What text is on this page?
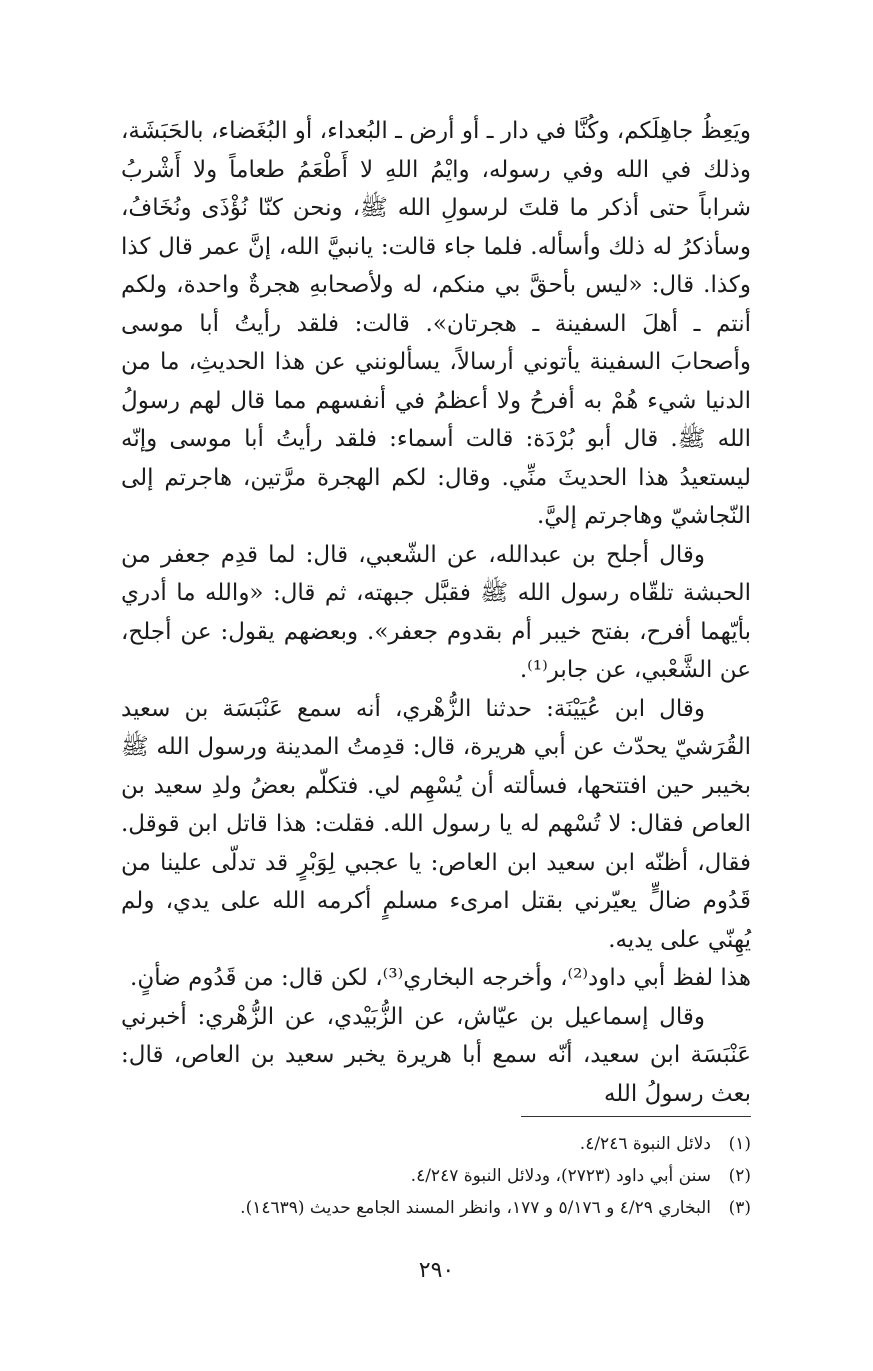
ويَعِظُ جاهِلَكم، وكُنَّا في دار ـ أو أرض ـ البُعداء، أو البُغَضاء، بالحَبَشَة، وذلك في الله وفي رسوله، وايْمُ اللهِ لا أَطْعَمُ طعاماً ولا أَشْربُ شراباً حتى أذكر ما قلتَ لرسولِ الله ﷺ، ونحن كنّا نُؤْذَى ونُخَافُ، وسأذكرُ له ذلك وأسأله. فلما جاء قالت: يانبيَّ الله، إنَّ عمر قال كذا وكذا. قال: «ليس بأحقَّ بي منكم، له ولأصحابهِ هجرةٌ واحدة، ولكم أنتم ـ أهلَ السفينة ـ هجرتان». قالت: فلقد رأيتُ أبا موسى وأصحابَ السفينة يأتوني أرسالاً، يسألونني عن هذا الحديثِ، ما من الدنيا شيء هُمْ به أفرحُ ولا أعظمُ في أنفسهم مما قال لهم رسولُ الله ﷺ. قال أبو بُرْدَة: قالت أسماء: فلقد رأيتُ أبا موسى وإنّه ليستعيدُ هذا الحديثَ منِّي. وقال: لكم الهجرة مرَّتين، هاجرتم إلى النّجاشيّ وهاجرتم إليَّ.

وقال أجلح بن عبدالله، عن الشّعبي، قال: لما قدِم جعفر من الحبشة تلقّاه رسول الله ﷺ فقبَّل جبهته، ثم قال: «والله ما أدري بأيّهما أفرح، بفتح خيبر أم بقدوم جعفر». وبعضهم يقول: عن أجلح، عن الشَّعْبي، عن جابر⁽¹⁾.

وقال ابن عُيَيْنَة: حدثنا الزُّهْري، أنه سمع عَنْبَسَة بن سعيد القُرَشيّ يحدّث عن أبي هريرة، قال: قدِمتُ المدينة ورسول الله ﷺ بخيبر حين افتتحها، فسألته أن يُسْهِم لي. فتكلّم بعضُ ولدِ سعيد بن العاص فقال: لا تُسْهم له يا رسول الله. فقلت: هذا قاتل ابن قوقل. فقال، أظنّه ابن سعيد ابن العاص: يا عجبي لِوَبْرٍ قد تدلّى علينا من قَدُوم ضالٍّ يعيّرني بقتل امرىء مسلمٍ أكرمه الله على يدي، ولم يُهِنّي على يديه.

هذا لفظ أبي داود⁽²⁾، وأخرجه البخاري⁽³⁾، لكن قال: من قَدُوم ضأنٍ.

وقال إسماعيل بن عيّاش، عن الزُّبَيْدي، عن الزُّهْري: أخبرني عَنْبَسَة ابن سعيد، أنّه سمع أبا هريرة يخبر سعيد بن العاص، قال: بعث رسولُ الله

(١)دلائل النبوة ٤/٢٤٦.

(٢)سنن أبي داود (٢٧٢٣)، ودلائل النبوة ٤/٢٤٧.

(٣)البخاري ٤/٢٩ و ٥/١٧٦ و ١٧٧، وانظر المسند الجامع حديث (١٤٦٣٩).

٢٩٠
